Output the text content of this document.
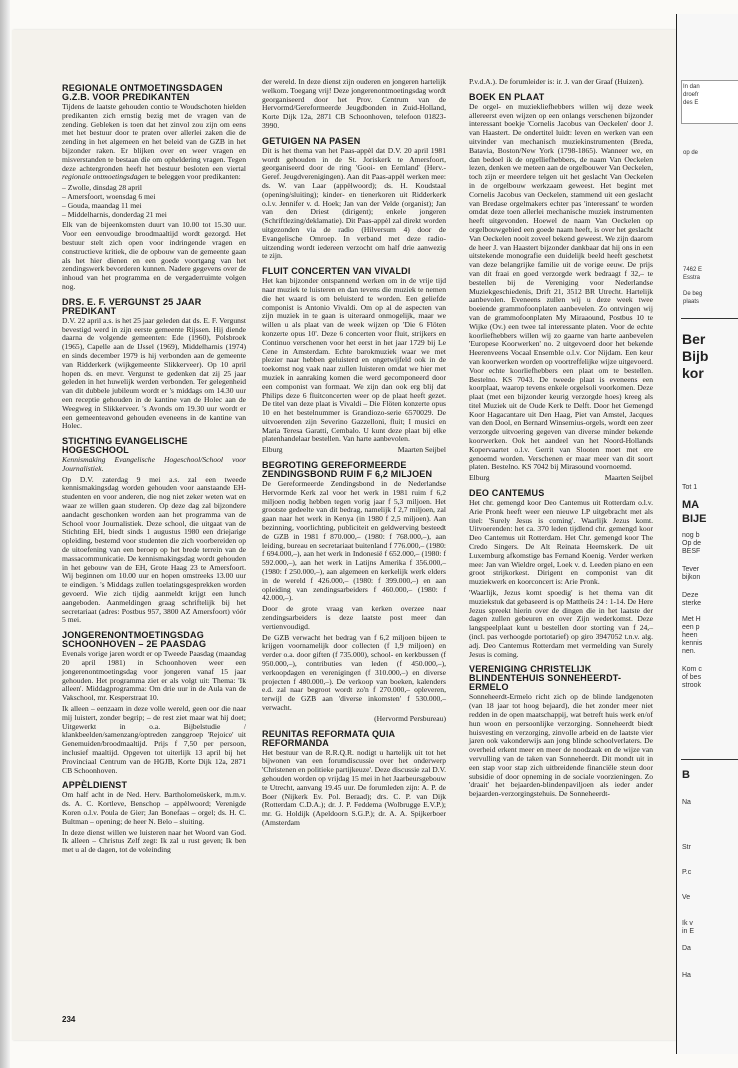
REGIONALE ONTMOETINGSDAGEN G.Z.B. VOOR PREDIKANTEN

Tijdens de laatste gehouden contio te Woudschoten hielden predikanten zich ernstig bezig met de vragen van de zending. Gebleken is toen dat het zinvol zou zijn om eens met het bestuur door te praten over allerlei zaken die de zending in het algemeen en het beleid van de GZB in het bijzonder raken. Er blijken over en weer vragen en misverstanden te bestaan die om opheldering vragen. Tegen deze achtergronden heeft het bestuur besloten een viertal regionale ontmoetingsdagen te beleggen voor predikanten:

– Zwolle, dinsdag 28 april
– Amersfoort, woensdag 6 mei
– Gouda, maandag 11 mei
– Middelharnis, donderdag 21 mei

Elk van de bijeenkomsten duurt van 10.00 tot 15.30 uur. Voor een eenvoudige broodmaaltijd wordt gezorgd. Het bestuur stelt zich open voor indringende vragen en constructieve kritiek, die de opbouw van de gemeente gaan als het hier dienen en een goede voortgang van het zendingswerk bevorderen kunnen. Nadere gegevens over de inhoud van het programma en de vergaderruimte volgen nog.

DRS. E. F. VERGUNST 25 JAAR PREDIKANT

D.V. 22 april a.s. is het 25 jaar geleden dat ds. E. F. Vergunst bevestigd werd in zijn eerste gemeente Rijssen. Hij diende daarna de volgende gemeenten: Ede (1960), Polsbroek (1965), Capelle aan de IJssel (1969), Middelharnis (1974) en sinds december 1979 is hij verbonden aan de gemeente van Ridderkerk (wijkgemeente Slikkerveer). Op 10 april hopen ds. en mevr. Vergunst te gedenken dat zij 25 jaar geleden in het huwelijk werden verbonden. Ter gelegenheid van dit dubbele jubileum wordt er 's middags om 14.30 uur een receptie gehouden in de kantine van de Holec aan de Weegweg in Slikkerveer. 's Avonds om 19.30 uur wordt er een gemeenteavond gehouden eveneens in de kantine van Holec.

STICHTING EVANGELISCHE HOGESCHOOL

Kennismaking Evangelische Hogeschool/School voor Journalistiek.

Op D.V. zaterdag 9 mei a.s. zal een tweede kennismakingsdag worden gehouden voor aanstaande EH-studenten en voor anderen, die nog niet zeker weten wat en waar ze willen gaan studeren. Op deze dag zal bijzondere aandacht geschonken worden aan het programma van de School voor Journalistiek. Deze school, die uitgaat van de Stichting EH, biedt sinds 1 augustus 1980 een driejarige opleiding, bestemd voor studenten die zich voorbereiden op de uitoefening van een beroep op het brede terrein van de massacommunicatie. De kennismakingsdag wordt gehouden in het gebouw van de EH, Grote Haag 23 te Amersfoort. Wij beginnen om 10.00 uur en hopen omstreeks 13.00 uur te eindigen. 's Middags zullen toelatingsgesprekken worden gevoerd. Wie zich tijdig aanmeldt krijgt een lunch aangeboden. Aanmeldingen graag schriftelijk bij het secretariaat (adres: Postbus 957, 3800 AZ Amersfoort) vóór 5 mei.

JONGERENONTMOETINGSDAG SCHOONHOVEN – 2E PAASDAG

Evenals vorige jaren wordt er op Tweede Paasdag (maandag 20 april 1981) in Schoonhoven weer een jongerenontmoetingsdag voor jongeren vanaf 15 jaar gehouden. Het programma ziet er als volgt uit: Thema: 'Ik alleen'. Middagprogramma: Om drie uur in de Aula van de Vakschool, mr. Kesperstraat 10.

Ik alleen – eenzaam in deze volle wereld, geen oor die naar mij luistert, zonder begrip; – de rest ziet maar wat hij doet; Uitgewerkt in o.a. Bijbelstudie / klankbeelden/samenzang/optreden zanggroep 'Rejoice' uit Genemuiden/broodmaaltijd. Prijs f 7,50 per persoon, inclusief maaltijd. Opgeven tot uiterlijk 13 april bij het Provinciaal Centrum van de HGJB, Korte Dijk 12a, 2871 CB Schoonhoven.

APPÈLDIENST

Om half acht in de Ned. Herv. Bartholomeüskerk, m.m.v. ds. A. C. Kortleve, Benschop – appèlwoord; Verenigde Koren o.l.v. Poula de Gier; Jan Bonefaas – orgel; ds. H. C. Bultman – opening; de heer N. Belo – sluiting.

In deze dienst willen we luisteren naar het Woord van God. Ik alleen – Christus Zelf zegt: Ik zal u rust geven; Ik ben met u al de dagen, tot de voleinding

der wereld. In deze dienst zijn ouderen en jongeren hartelijk welkom. Toegang vrij! Deze jongerenontmoetingsdag wordt georganiseerd door het Prov. Centrum van de Hervormd/Gereformeerde Jeugdbonden in Zuid-Holland, Korte Dijk 12a, 2871 CB Schoonhoven, telefoon 01823-3990.

GETUIGEN NA PASEN

Dit is het thema van het Paas-appèl dat D.V. 20 april 1981 wordt gehouden in de St. Joriskerk te Amersfoort, georganiseerd door de ring 'Gooi- en Eemland' (Herv.-Geref. Jeugdverenigingen). Aan dit Paas-appèl werken mee: ds. W. van Laar (appèlwoord); ds. H. Koudstaal (opening/sluiting); kinder- en tienerkoren uit Ridderkerk o.l.v. Jennifer v. d. Hoek; Jan van der Velde (organist); Jan van den Driest (dirigent); enkele jongeren (Schriftlezing/deklamatie). Dit Paas-appèl zal direkt worden uitgezonden via de radio (Hilversum 4) door de Evangelische Omroep. In verband met deze radio-uitzending wordt iedereen verzocht om half drie aanwezig te zijn.

FLUIT CONCERTEN VAN VIVALDI

Het kan bijzonder ontspannend werken om in de vrije tijd naar muziek te luisteren en dan tevens die muziek te nemen die het waard is om beluisterd te worden. Een geliefde componist is Antonio Vivaldi. Om op al de aspecten van zijn muziek in te gaan is uiteraard onmogelijk, maar we willen u als plaat van de week wijzen op 'Die 6 Flöten konzerte opus 10'. Deze 6 concerten voor fluit, strijkers en Continuo verschenen voor het eerst in het jaar 1729 bij Le Cene in Amsterdam. Echte barokmuziek waar we met plezier naar hebben geluisterd en ongetwijfeld ook in de toekomst nog vaak naar zullen luisteren omdat we hier met muziek in aanraking komen die werd gecomponeerd door een componist van formaat. We zijn dan ook erg blij dat Philips deze 6 fluitconcerten weer op de plaat heeft gezet. De titel van deze plaat is Vivaldi – Die Flöten konzerte opus 10 en het bestelnummer is Grandiozo-serie 6570029. De uitvoerenden zijn Severino Gazzelloni, fluit; I musici en Maria Teresa Garatti, Cembalo. U kunt deze plaat bij elke platenhandelaar bestellen. Van harte aanbevolen.

Elburg	Maarten Seijbel
BEGROTING GEREFORMEERDE ZENDINGSBOND RUIM F 6,2 MILJOEN

De Gereformeerde Zendingsbond in de Nederlandse Hervormde Kerk zal voor het werk in 1981 ruim f 6,2 miljoen nodig hebben tegen vorig jaar f 5,3 miljoen. Het grootste gedeelte van dit bedrag, namelijk f 2,7 miljoen, zal gaan naar het werk in Kenya (in 1980 f 2,5 miljoen). Aan bezinning, voorlichting, publiciteit en geldwerving besteedt de GZB in 1981 f 870.000,– (1980: f 768.000,–), aan leiding, bureau en secretariaat buitenland f 776.000,– (1980: f 694.000,–), aan het werk in Indonesië f 652.000,– (1980: f 592.000,–), aan het werk in Latijns Amerika f 356.000,– (1980: f 250.000,–), aan algemeen en kerkelijk werk elders in de wereld f 426.000,– (1980: f 399.000,–) en aan opleiding van zendingsarbeiders f 460.000,– (1980: f 42.000,–).

Door de grote vraag van kerken overzee naar zendingsarbeiders is deze laatste post meer dan vertienvoudigd.

De GZB verwacht het bedrag van f 6,2 miljoen bijeen te krijgen voornamelijk door collecten (f 1,9 miljoen) en verder o.a. door giften (f 735.000), school- en kerkbussen (f 950.000,–), contributies van leden (f 450.000,–), verkoopdagen en verenigingen (f 310.000,–) en diverse projecten f 480.000,–). De verkoop van boeken, kalenders e.d. zal naar begroot wordt zo'n f 270.000,– opleveren, terwijl de GZB aan 'diverse inkomsten' f 530.000,– verwacht.

(Hervormd Persbureau)
REUNITAS REFORMATA QUIA REFORMANDA

Het bestuur van de R.R.Q.R. nodigt u hartelijk uit tot het bijwonen van een forumdiscussie over het onderwerp 'Christenen en politieke partijkeuze'. Deze discussie zal D.V. gehouden worden op vrijdag 15 mei in het Jaarbeursgebouw te Utrecht, aanvang 19.45 uur. De forumleden zijn: A. P. de Boer (Nijkerk Ev. Pol. Beraad); drs. C. P. van Dijk (Rotterdam C.D.A.); dr. J. P. Feddema (Wolbrugge E.V.P.); mr. G. Holdijk (Apeldoorn S.G.P.); dr. A. A. Spijkerboer (Amsterdam

P.v.d.A.). De forumleider is: ir. J. van der Graaf (Huizen).

BOEK EN PLAAT

De orgel- en muziekliefhebbers willen wij deze week allereerst even wijzen op een onlangs verschenen bijzonder interessant boekje 'Cornelis Jacobus van Oeckelen' door J. van Haastert. De ondertitel luidt: leven en werken van een uitvinder van mechanisch muziekinstrumenten (Breda, Batavia, Boston/New York (1798-1865). Wanneer we, en dan bedoel ik de orgelliefhebbers, de naam Van Oeckelen lezen, denken we meteen aan de orgelbouwer Van Oeckelen, toch zijn er meerdere telgen uit het geslacht Van Oeckelen in de orgelbouw werkzaam geweest. Het begint met Cornelis Jacobus van Oeckelen, stammend uit een geslacht van Bredase orgelmakers echter pas 'interessant' te worden omdat deze toen allerlei mechanische muziek instrumenten heeft uitgevonden. Hoewel de naam Van Oeckelen op orgelbouwgebied een goede naam heeft, is over het geslacht Van Oeckelen nooit zoveel bekend geweest. We zijn daarom de heer J. van Haastert bijzonder dankbaar dat hij ons in een uitstekende monografie een duidelijk beeld heeft geschetst van deze belangrijke familie uit de vorige eeuw. De prijs van dit fraai en goed verzorgde werk bedraagt f 32,– te bestellen bij de Vereniging voor Nederlandse Muziekgeschiedenis, Drift 21, 3512 BR Utrecht. Hartelijk aanbevolen. Eveneens zullen wij u deze week twee boeiende grammofoonplaten aanbevelen. Zo ontvingen wij van de grammofoonplaten My Miraaound, Postbus 10 te Wijke (Ov.) een twee tal interessante platen. Voor de echte koorliefhebbers willen wij zo gaarne van harte aanbevelen 'Europese Koorwerken' no. 2 uitgevoerd door het bekende Heerenveens Vocaal Ensemble o.l.v. Cor Nijdam. Een keur van koorwerken worden op voortreffelijke wijze uitgevoerd. Voor echte koorliefhebbers een plaat om te bestellen. Bestelno. KS 7043. De tweede plaat is eveneens een koorplaat, waarop tevens enkele orgelsoli voorkomen. Deze plaat (met een bijzonder keurig verzorgde hoes) kreeg als titel Muziek uit de Oude Kerk te Delft. Door het Gemengd Koor Hagacantare uit Den Haag, Piet van Amstel, Jacques van den Dool, en Bernard Winsemius-orgels, wordt een zeer verzorgde uitvoering gegeven van diverse minder bekende koorwerken. Ook het aandeel van het Noord-Hollands Kopervaartet o.l.v. Gerrit van Slooten moet met ere genoemd worden. Verschenen er maar meer van dit soort platen. Bestelno. KS 7042 bij Mirasound voornoemd.

Elburg	Maarten Seijbel
DEO CANTEMUS

Het chr. gemengd koor Deo Cantemus uit Rotterdam o.l.v. Arie Pronk heeft weer een nieuwe LP uitgebracht met als titel: 'Surely Jesus is coming'. Waarlijk Jezus komt. Uitvoerenden: het ca. 370 leden tijdlend chr. gemengd koor Deo Cantemus uit Rotterdam. Het Chr. gemengd koor The Credo Singers. De Alt Reinata Heemskerk. De uit Luxemburg afkomstige bas Fernand Koenig. Verder werken mee: Jan van Wieldre orgel, Loek v. d. Leeden piano en een groot strijkorkest. Dirigent en componist van dit muziekwerk en koorconcert is: Arie Pronk.

'Waarlijk, Jezus komt spoedig' is het thema van dit muziekstuk dat gebaseerd is op Mattheüs 24 : 1-14. De Here Jezus spreekt hierin over de dingen die in het laatste der dagen zullen gebeuren en over Zijn wederkomst. Deze langspeelplaat kunt u bestellen door storting van f 24,– (incl. pas verhoogde portotarief) op giro 3947052 t.n.v. alg. adj. Deo Cantemus Rotterdam met vermelding van Surely Jesus is coming.

VERENIGING CHRISTELIJK BLINDENTEHUIS SONNEHEERDT-ERMELO

Sonneheerdt-Ermelo richt zich op de blinde landgenoten (van 18 jaar tot hoog bejaard), die het zonder meer niet redden in de open maatschappij, wat betreft huis werk en/of hun woon en persoonlijke verzorging. Sonneheerdt biedt huisvesting en verzorging, zinvolle arbeid en de laatste vier jaren ook vakonderwijs aan jong blinde schoolverlaters. De overheid erkent meer en meer de noodzaak en de wijze van vervulling van de taken van Sonneheerdt. Dit mondt uit in een stap voor stap zich uitbreidende financiële steun door subsidie of door opneming in de sociale voorzieningen. Zo 'draait' het bejaarden-blindenpaviljoen als ieder ander bejaarden-verzorgingstehuis. De Sonneheerdt-

234
In dan
droefr
des E
op de
7462 E
Esstra
De beg
plaats
Ber
Bijb
kor
Tot 1
MA
BIJE
nog b
Op de
BESF
Tever
bijkon
Deze
sterke
Met H
een p
heen
kennis
nen.
Kom c
of bes
strook
B
Na
Str
P.c
Ve
Ik v
in E
Da
Ha
